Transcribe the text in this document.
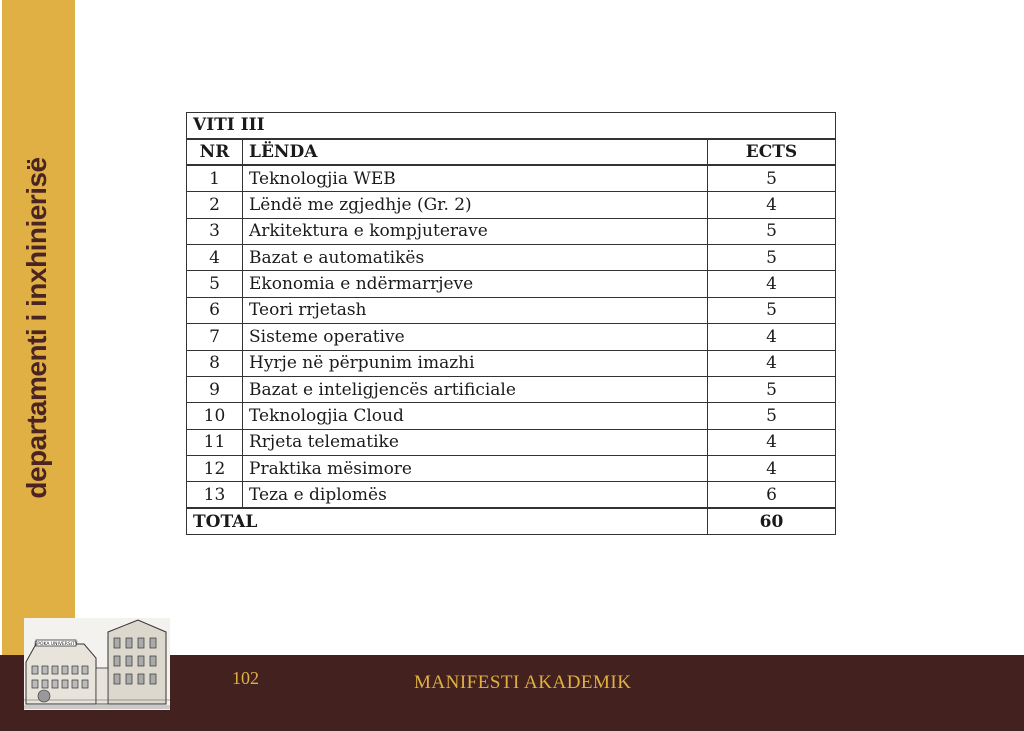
departamenti i inxhinierisë
VITI III		
NR	LËNDA	ECTS
1	Teknologjia WEB	5
2	Lëndë me zgjedhje (Gr. 2)	4
3	Arkitektura e kompjuterave	5
4	Bazat e automatikës	5
5	Ekonomia e ndërmarrjeve	4
6	Teori rrjetash	5
7	Sisteme operative	4
8	Hyrje në përpunim imazhi	4
9	Bazat e inteligjencës artificiale	5
10	Teknologjia Cloud	5
11	Rrjeta telematike	4
12	Praktika mësimore	4
13	Teza e diplomës	6
TOTAL		60
102	MANIFESTI AKADEMIK
EPOKA UNIVERSITY
